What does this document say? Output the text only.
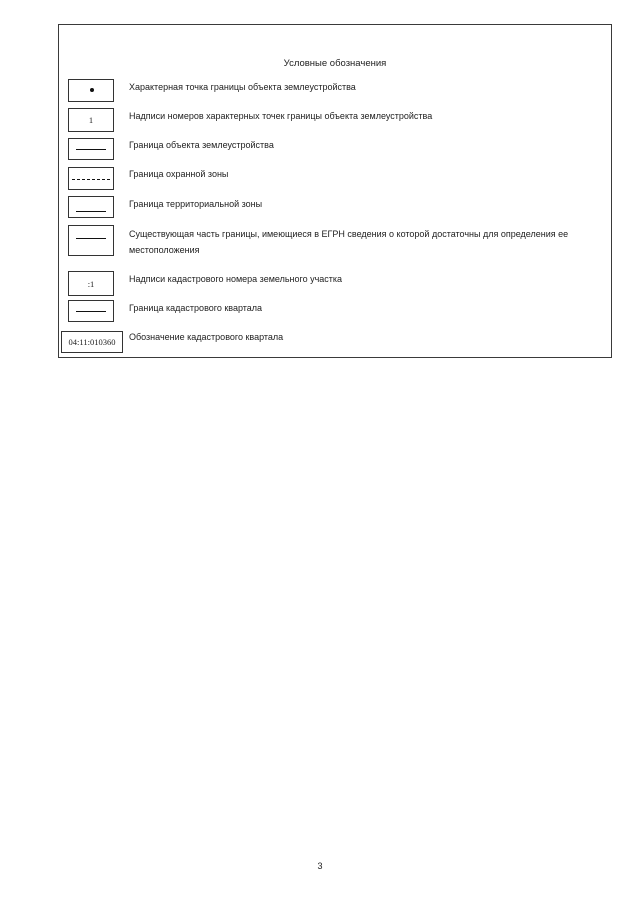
Условные обозначения
Характерная точка границы объекта землеустройства
1	Надписи номеров характерных точек границы объекта землеустройства
Граница объекта землеустройства
Граница охранной зоны
Граница территориальной зоны
Существующая часть границы, имеющиеся в ЕГРН сведения о которой достаточны для определения ее местоположения
:1	Надписи кадастрового номера земельного участка
Граница кадастрового квартала
04:11:010360	Обозначение кадастрового квартала
3
